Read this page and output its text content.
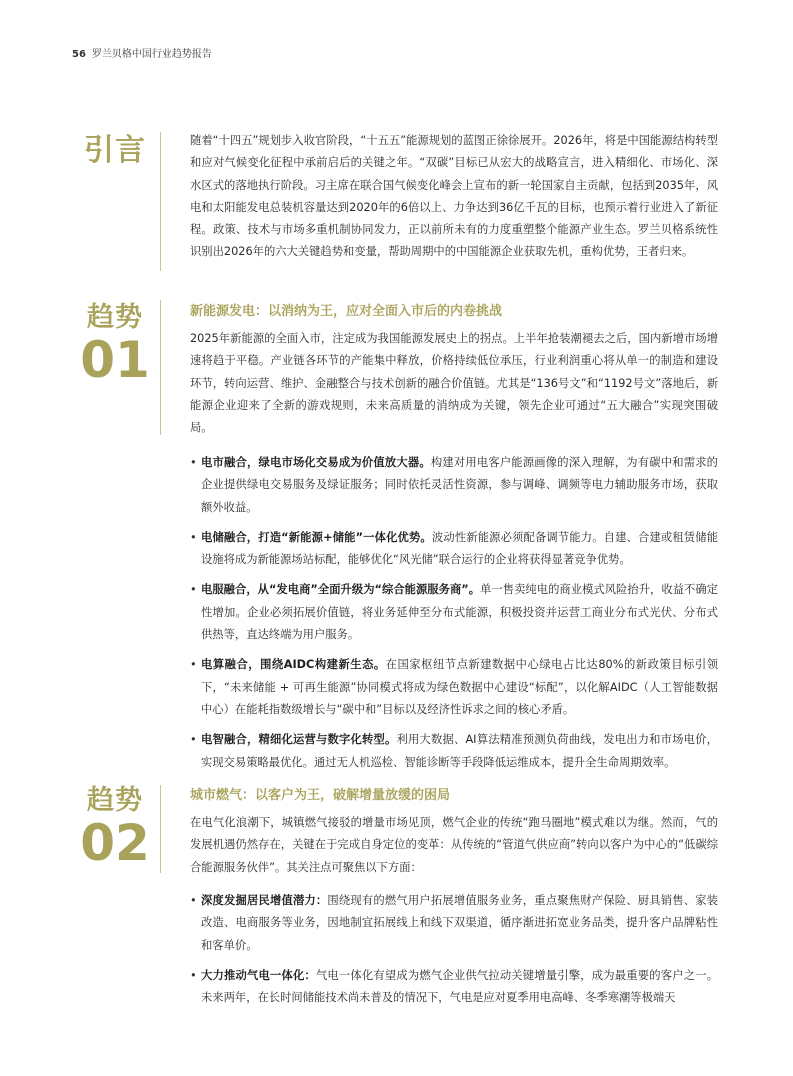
56 罗兰贝格中国行业趋势报告
引言	随着“十四五”规划步入收官阶段，“十五五”能源规划的蓝图正徐徐展开。2026年，将是中国能源结构转型和应对气候变化征程中承前启后的关键之年。“双碳”目标已从宏大的战略宣言，进入精细化、市场化、深水区式的落地执行阶段。习主席在联合国气候变化峰会上宣布的新一轮国家自主贡献，包括到2035年，风电和太阳能发电总装机容量达到2020年的6倍以上、力争达到36亿千瓦的目标，也预示着行业进入了新征程。政策、技术与市场多重机制协同发力，正以前所未有的力度重塑整个能源产业生态。罗兰贝格系统性识别出2026年的六大关键趋势和变量，帮助周期中的中国能源企业获取先机，重构优势，王者归来。
趋势
01
新能源发电：以消纳为王，应对全面入市后的内卷挑战
2025年新能源的全面入市，注定成为我国能源发展史上的拐点。上半年抢装潮褪去之后，国内新增市场增速将趋于平稳。产业链各环节的产能集中释放，价格持续低位承压，行业利润重心将从单一的制造和建设环节，转向运营、维护、金融整合与技术创新的融合价值链。尤其是“136号文”和“1192号文”落地后，新能源企业迎来了全新的游戏规则，未来高质量的消纳成为关键，领先企业可通过“五大融合”实现突围破局。
• 电市融合，绿电市场化交易成为价值放大器。构建对用电客户能源画像的深入理解，为有碳中和需求的企业提供绿电交易服务及绿证服务；同时依托灵活性资源，参与调峰、调频等电力辅助服务市场，获取额外收益。
• 电储融合，打造“新能源+储能”一体化优势。波动性新能源必须配备调节能力。自建、合建或租赁储能设施将成为新能源场站标配，能够优化“风光储”联合运行的企业将获得显著竞争优势。
• 电服融合，从“发电商”全面升级为“综合能源服务商”。单一售卖纯电的商业模式风险抬升，收益不确定性增加。企业必须拓展价值链，将业务延伸至分布式能源，积极投资并运营工商业分布式光伏、分布式供热等，直达终端为用户服务。
• 电算融合，围绕AIDC构建新生态。在国家枢纽节点新建数据中心绿电占比达80%的新政策目标引领下，“未来储能 + 可再生能源”协同模式将成为绿色数据中心建设“标配”，以化解AIDC（人工智能数据中心）在能耗指数级增长与“碳中和”目标以及经济性诉求之间的核心矛盾。
• 电智融合，精细化运营与数字化转型。利用大数据、AI算法精准预测负荷曲线，发电出力和市场电价，实现交易策略最优化。通过无人机巡检、智能诊断等手段降低运维成本，提升全生命周期效率。
趋势
02
城市燃气：以客户为王，破解增量放缓的困局
在电气化浪潮下，城镇燃气接驳的增量市场见顶，燃气企业的传统“跑马圈地”模式难以为继。然而，气的发展机遇仍然存在，关键在于完成自身定位的变革：从传统的“管道气供应商”转向以客户为中心的“低碳综合能源服务伙伴”。其关注点可聚焦以下方面：
• 深度发掘居民增值潜力：围绕现有的燃气用户拓展增值服务业务，重点聚焦财产保险、厨具销售、家装改造、电商服务等业务，因地制宜拓展线上和线下双渠道，循序渐进拓宽业务品类，提升客户品牌粘性和客单价。
• 大力推动气电一体化：气电一体化有望成为燃气企业供气拉动关键增量引擎，成为最重要的客户之一。未来两年，在长时间储能技术尚未普及的情况下，气电是应对夏季用电高峰、冬季寒潮等极端天
